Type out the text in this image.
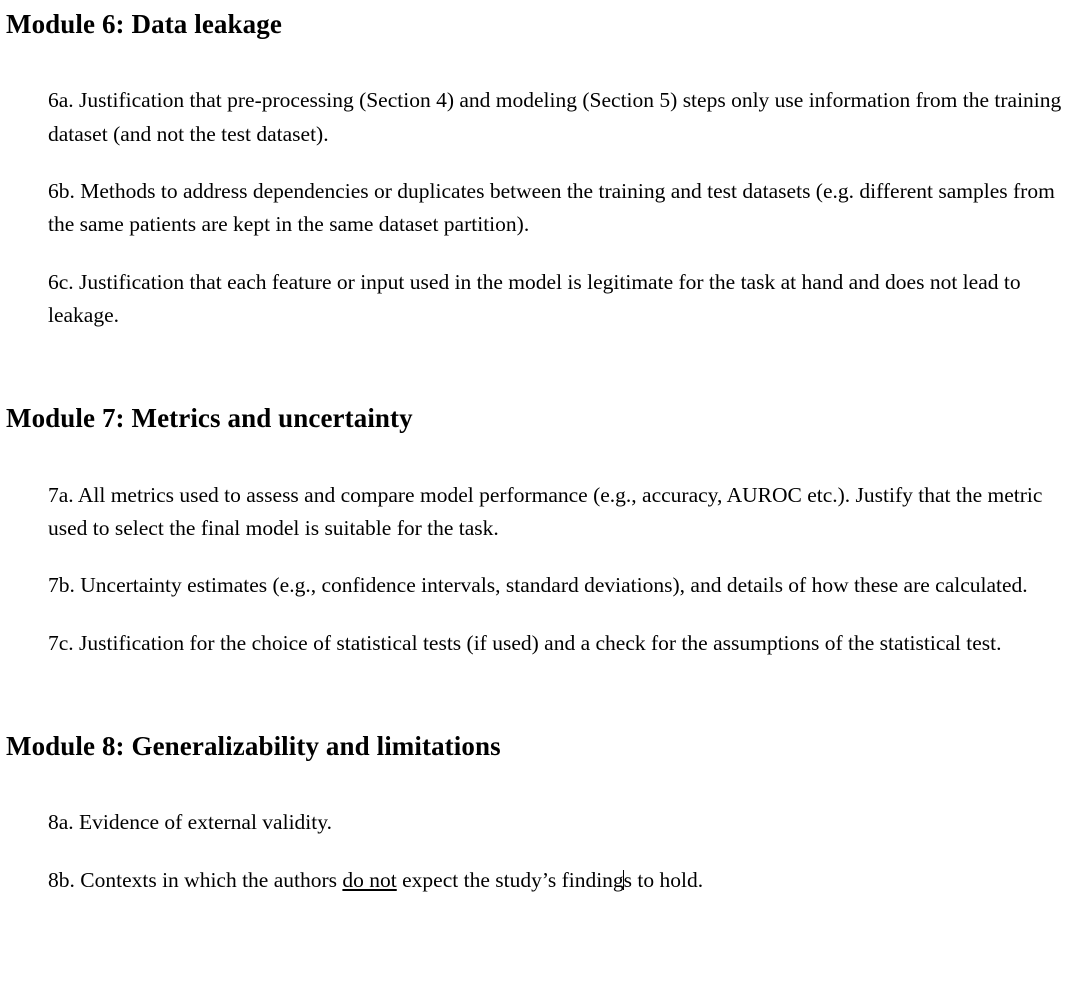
Module 6: Data leakage

6a. Justification that pre-processing (Section 4) and modeling (Section 5) steps only use information from the training dataset (and not the test dataset).

6b. Methods to address dependencies or duplicates between the training and test datasets (e.g. different samples from the same patients are kept in the same dataset partition).

6c. Justification that each feature or input used in the model is legitimate for the task at hand and does not lead to leakage.

Module 7: Metrics and uncertainty

7a. All metrics used to assess and compare model performance (e.g., accuracy, AUROC etc.). Justify that the metric used to select the final model is suitable for the task.

7b. Uncertainty estimates (e.g., confidence intervals, standard deviations), and details of how these are calculated.

7c. Justification for the choice of statistical tests (if used) and a check for the assumptions of the statistical test.

Module 8: Generalizability and limitations

8a. Evidence of external validity.

8b. Contexts in which the authors do not expect the study’s findings to hold.
